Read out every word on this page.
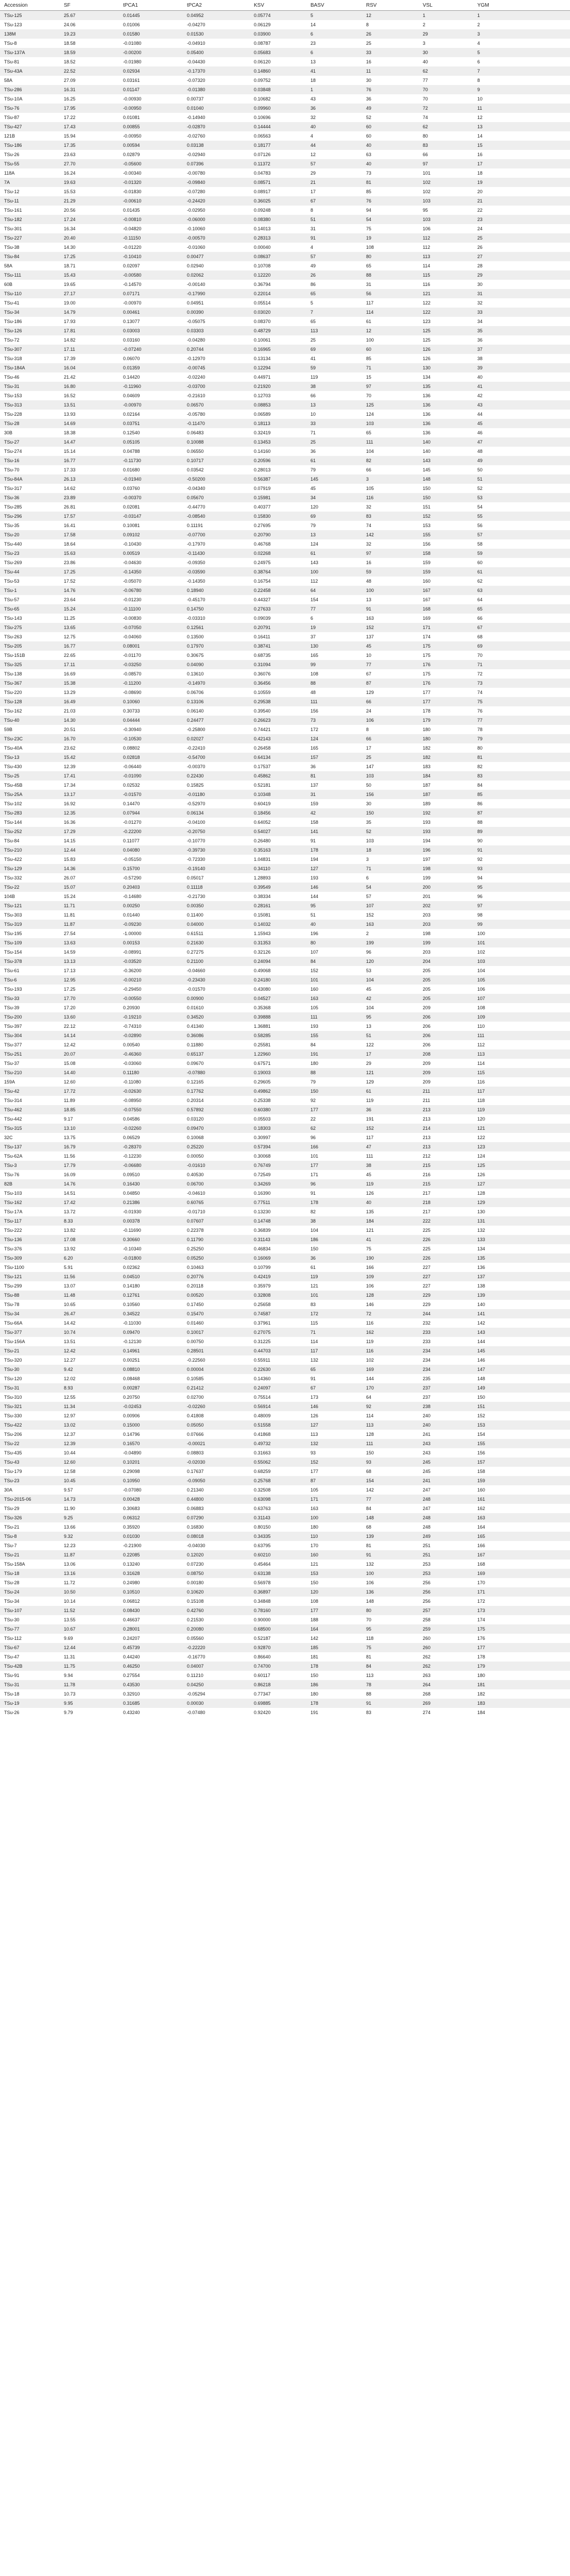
Accession	SF	tPCA1	tPCA2	KSV	BASV	RSV	VSL	YGM
TSu-125	25.67	0.01445	0.04952	0.05774	5	12	1	1
TSu-123	24.06	0.01006	-0.04270	0.06129	14	8	2	2
138M	19.23	0.01580	0.01530	0.03900	6	26	29	3
TSu-8	18.58	-0.01080	-0.04910	0.08787	23	25	3	4
TSu-137A	18.59	-0.00200	0.05400	0.05683	6	33	30	5
TSu-81	18.52	-0.01980	-0.04430	0.06120	13	16	40	6
TSu-43A	22.52	0.02934	-0.17370	0.14860	41	11	62	7
58A	27.09	0.03161	-0.07320	0.09752	18	30	77	8
TSu-286	16.31	0.01147	-0.01380	0.03848	1	76	70	9
TSu-10A	16.25	-0.00930	0.00737	0.10682	43	36	70	10
TSu-76	17.95	-0.00950	0.01040	0.09960	36	49	72	11
TSu-87	17.22	0.01081	-0.14940	0.10696	32	52	74	12
TSu-427	17.43	0.00855	-0.02870	0.14444	40	60	62	13
121B	15.94	-0.00950	-0.02760	0.06563	4	60	80	14
TSu-186	17.35	0.00594	0.03138	0.18177	44	40	83	15
TSu-26	23.63	0.02879	-0.02940	0.07126	12	63	66	16
TSu-55	27.70	-0.05600	0.07396	0.11372	57	40	97	17
118A	16.24	-0.00340	-0.00780	0.04783	29	73	101	18
7A	19.63	-0.01320	-0.09840	0.08571	21	81	102	19
TSu-12	15.53	-0.01830	-0.07280	0.08917	17	85	102	20
TSu-11	21.29	-0.00610	-0.24420	0.36025	67	76	103	21
TSu-161	20.56	0.01435	-0.02950	0.09248	8	94	95	22
TSu-182	17.24	-0.00810	-0.06000	0.08380	51	54	103	23
TSu-301	16.34	-0.04820	-0.10060	0.14013	31	75	106	24
TSu-227	20.40	-0.11150	-0.00570	0.28313	91	19	112	25
TSu-38	14.30	-0.01220	-0.01060	0.00040	4	108	112	26
TSu-84	17.25	-0.10410	0.00477	0.08637	57	80	113	27
58A	18.71	0.02097	0.02940	0.10708	49	65	114	28
TSu-111	15.43	-0.00580	0.02062	0.12220	26	88	115	29
60B	19.65	-0.14570	-0.00140	0.36794	86	31	116	30
TSu-110	27.17	0.07171	-0.17990	0.22014	65	56	121	31
TSu-41	19.00	-0.00970	0.04951	0.05514	5	117	122	32
TSu-34	14.79	0.00461	0.00390	0.03020	7	114	122	33
TSu-186	17.93	0.13077	-0.05075	0.08370	65	61	123	34
TSu-126	17.81	0.03003	0.03303	0.48729	113	12	125	35
TSu-72	14.82	0.03160	-0.04280	0.10061	25	100	125	36
TSu-307	17.11	-0.07240	0.20744	0.16965	69	60	126	37
TSu-318	17.39	0.06070	-0.12970	0.13134	41	85	126	38
TSu-184A	16.04	0.01359	-0.00745	0.12294	59	71	130	39
TSu-46	21.42	0.14420	-0.02240	0.44971	119	15	134	40
TSu-31	16.80	-0.11960	-0.03700	0.21920	38	97	135	41
TSu-153	16.52	0.04609	-0.21610	0.12703	66	70	136	42
TSu-313	13.51	-0.00970	0.06570	0.08853	13	125	136	43
TSu-228	13.93	0.02164	-0.05780	0.06589	10	124	136	44
TSu-28	14.69	0.03751	-0.11470	0.18113	33	103	136	45
30B	18.38	0.12540	0.06483	0.32419	71	65	136	46
TSu-27	14.47	0.05105	0.10088	0.13453	25	111	140	47
TSu-274	15.14	0.04788	0.06550	0.14160	36	104	140	48
TSu-16	16.77	-0.11730	0.10717	0.20596	61	82	143	49
TSu-70	17.33	0.01680	0.03542	0.28013	79	66	145	50
TSu-84A	26.13	-0.01940	-0.50200	0.56387	145	3	148	51
TSu-317	14.62	0.03760	-0.04340	0.07919	45	105	150	52
TSu-36	23.89	-0.00370	0.05670	0.15981	34	116	150	53
TSu-285	26.81	0.02081	-0.44770	0.40377	120	32	151	54
TSu-296	17.57	-0.03147	-0.08540	0.15830	69	83	152	55
TSu-35	16.41	0.10081	0.11191	0.27695	79	74	153	56
TSu-20	17.58	0.09102	-0.07700	0.20790	13	142	155	57
TSu-440	18.64	-0.10430	-0.17970	0.46768	124	32	156	58
TSu-23	15.63	0.00519	-0.11430	0.02268	61	97	158	59
TSu-269	23.86	-0.04630	-0.09350	0.24975	143	16	159	60
TSu-44	17.25	-0.14350	-0.03590	0.38764	100	59	159	61
TSu-53	17.52	-0.05070	-0.14350	0.16754	112	48	160	62
TSu-1	14.76	-0.06780	0.18940	0.22458	64	100	167	63
TSu-57	23.64	-0.01230	-0.45170	0.44327	154	13	167	64
TSu-65	15.24	-0.11100	0.14750	0.27633	77	91	168	65
TSu-143	11.25	-0.00830	-0.03310	0.09039	6	163	169	66
TSu-275	13.65	-0.07050	0.12561	0.20791	19	152	171	67
TSu-263	12.75	-0.04060	0.13500	0.16411	37	137	174	68
TSu-205	16.77	0.08001	0.17970	0.38741	130	45	175	69
TSu-151B	22.65	-0.01170	0.30675	0.68735	165	10	175	70
TSu-325	17.11	-0.03250	0.04090	0.31094	99	77	176	71
TSu-138	16.69	-0.08570	0.13610	0.36076	108	67	175	72
TSu-367	15.38	-0.11200	-0.14970	0.36456	88	87	176	73
TSu-220	13.29	-0.08690	0.06706	0.10559	48	129	177	74
TSu-128	16.49	0.10060	0.13106	0.29538	111	66	177	75
TSu-162	21.03	0.30733	0.06140	0.39540	156	24	178	76
TSu-40	14.30	0.04444	0.24477	0.26623	73	106	179	77
59B	20.51	-0.30940	-0.25800	0.74421	172	8	180	78
TSu-23C	16.70	-0.10530	0.02027	0.42143	124	66	180	79
TSu-40A	23.62	0.08802	-0.22410	0.26458	165	17	182	80
TSu-13	15.42	0.02818	-0.54700	0.64134	157	25	182	81
TSu-430	12.39	-0.06440	-0.00370	0.17537	36	147	183	82
TSu-25	17.41	-0.01090	0.22430	0.45862	81	103	184	83
TSu-45B	17.34	0.02532	0.15825	0.52181	137	50	187	84
TSu-25A	13.17	-0.01570	-0.01180	0.10348	31	156	187	85
TSu-102	16.92	0.14470	-0.52970	0.60419	159	30	189	86
TSu-283	12.35	0.07944	0.06134	0.18456	42	150	192	87
TSu-144	16.36	-0.01270	-0.04100	0.64052	158	35	193	88
TSu-252	17.29	-0.22200	-0.20750	0.54027	141	52	193	89
TSu-84	14.15	0.11077	-0.10770	0.26480	91	103	194	90
TSu-210	12.44	0.04080	-0.39730	0.35163	178	18	196	91
TSu-422	15.83	-0.05150	-0.72330	1.04831	194	3	197	92
TSu-129	14.36	0.15700	-0.19140	0.34110	127	71	198	93
TSu-332	26.07	-0.57290	0.05017	1.28893	193	6	199	94
TSu-22	15.07	0.20403	0.11118	0.39549	146	54	200	95
104B	15.24	-0.14680	-0.21730	0.38334	144	57	201	96
TSu-121	11.71	0.00250	0.00350	0.28161	95	107	202	97
TSu-303	11.81	0.01440	0.11400	0.15081	51	152	203	98
TSu-319	11.87	-0.09230	0.04000	0.14032	40	163	203	99
TSu-195	27.54	-1.00000	0.61511	1.15943	196	2	198	100
TSu-109	13.63	0.00153	0.21630	0.31353	80	199	199	101
TSu-154	14.59	-0.08991	0.27275	0.32126	107	96	203	102
TSu-378	13.13	-0.03520	0.21100	0.24094	84	120	204	103
TSu-61	17.13	-0.36200	-0.04660	0.49068	152	53	205	104
TSu-6	12.95	-0.00210	-0.23430	0.24180	101	104	205	105
TSu-193	17.25	-0.29450	-0.01570	0.43080	160	45	205	106
TSu-33	17.70	-0.00550	0.00900	0.04527	163	42	205	107
TSu-39	17.20	0.20930	0.01610	0.35368	105	104	209	108
TSu-200	13.60	-0.19210	0.34520	0.39888	111	95	206	109
TSu-397	22.12	-0.74310	0.41340	1.36881	193	13	206	110
TSu-304	14.14	-0.02890	0.36086	0.58285	155	51	206	111
TSu-377	12.42	0.00540	0.11880	0.25581	84	122	206	112
TSu-251	20.07	-0.46360	0.65137	1.22960	191	17	208	113
TSu-37	15.08	-0.03060	0.09670	0.67571	180	29	209	114
TSu-210	14.40	0.11180	-0.07880	0.19003	88	121	209	115
159A	12.60	-0.11080	0.12165	0.29605	79	129	209	116
TSu-42	17.72	-0.02630	0.17762	0.49862	150	61	211	117
TSu-314	11.89	-0.08950	0.20314	0.25338	92	119	211	118
TSu-462	18.85	-0.07550	0.57892	0.60380	177	36	213	119
TSu-442	9.17	0.04586	0.03120	0.05503	22	191	213	120
TSu-315	13.10	-0.02260	0.09470	0.18303	62	152	214	121
32C	13.75	0.06529	0.10068	0.30997	96	117	213	122
TSu-137	16.79	-0.28370	0.25220	0.57394	166	47	213	123
TSu-62A	11.56	-0.12230	0.00050	0.30068	101	111	212	124
TSu-3	17.79	-0.06680	-0.01610	0.76749	177	38	215	125
TSu-76	16.09	0.09510	0.40530	0.72549	171	45	216	126
82B	14.76	0.16430	0.06700	0.34269	96	119	215	127
TSu-103	14.51	0.04850	-0.04610	0.16390	91	126	217	128
TSu-162	17.42	0.21386	0.60765	0.77511	178	40	218	129
TSu-17A	13.72	-0.01930	-0.01710	0.13230	82	135	217	130
TSu-117	8.33	0.00378	0.07607	0.14748	38	184	222	131
TSu-222	13.82	-0.11690	0.22378	0.36839	104	121	225	132
TSu-136	17.08	0.30660	0.11790	0.31143	186	41	226	133
TSu-376	13.92	-0.10340	0.25250	0.46834	150	75	225	134
TSu-309	6.20	-0.01800	0.05250	0.16069	36	190	226	135
TSu-1100	5.91	0.02362	0.10463	0.10799	61	166	227	136
TSu-121	11.56	0.04510	0.20776	0.42419	119	109	227	137
TSu-299	13.07	0.14180	0.20118	0.35979	121	106	227	138
TSu-88	11.48	0.12761	0.00520	0.32808	101	128	229	139
TSu-78	10.65	0.10560	0.17450	0.25658	83	146	229	140
TSu-34	26.47	0.34522	0.15470	0.74587	172	72	244	141
TSu-66A	14.42	-0.11030	0.01460	0.37961	115	116	232	142
TSu-377	10.74	0.09470	0.10017	0.27075	71	162	233	143
TSu-156A	13.51	-0.12130	0.00750	0.31225	114	119	233	144
TSu-21	12.42	0.14961	0.28501	0.44703	117	116	234	145
TSu-320	12.27	0.00251	-0.22560	0.55911	132	102	234	146
TSu-30	9.42	0.08810	0.00004	0.22630	65	169	234	147
TSu-120	12.02	0.08468	0.10585	0.14360	91	144	235	148
TSu-31	8.93	0.00287	0.21412	0.24097	67	170	237	149
TSu-310	12.55	0.20750	0.02700	0.75514	173	64	237	150
TSu-321	11.34	-0.02453	-0.02260	0.56914	146	92	238	151
TSu-330	12.97	0.00906	0.41808	0.48009	126	114	240	152
TSu-422	13.02	0.15000	0.05050	0.51558	127	113	240	153
TSu-206	12.37	0.14796	0.07666	0.41868	113	128	241	154
TSu-22	12.39	0.16570	-0.00021	0.49732	132	111	243	155
TSu-435	10.44	-0.04890	0.08803	0.31663	93	150	243	156
TSu-43	12.60	0.10201	-0.02030	0.55062	152	93	245	157
TSu-179	12.58	0.29098	0.17637	0.68259	177	68	245	158
TSu-23	10.45	0.10950	-0.09050	0.25768	87	154	241	159
30A	9.57	-0.07080	0.21340	0.32508	105	142	247	160
TSu-2015-06	14.73	0.00428	0.44800	0.63098	171	77	248	161
TSu-29	11.90	0.30683	0.06883	0.63763	163	84	247	162
TSu-326	9.25	0.06312	0.07290	0.31143	100	148	248	163
TSu-21	13.66	0.35920	0.16830	0.80150	180	68	248	164
TSu-8	9.32	0.01030	0.08018	0.34335	110	139	249	165
TSu-7	12.23	-0.21900	-0.04030	0.63795	170	81	251	166
TSu-21	11.87	0.22085	0.12020	0.60210	160	91	251	167
TSu-158A	13.06	0.13240	0.07230	0.45464	121	132	253	168
TSu-18	13.16	0.31628	0.08750	0.63138	153	100	253	169
TSu-28	11.72	0.24980	0.00180	0.56978	150	106	256	170
TSu-24	10.50	0.10510	0.10620	0.36897	120	136	256	171
TSu-34	10.14	0.06812	0.15108	0.34848	108	148	256	172
TSu-107	11.52	0.08430	0.42760	0.78160	177	80	257	173
TSu-30	13.55	0.46637	0.21530	0.90000	188	70	258	174
TSu-77	10.67	0.28001	0.20080	0.68500	164	95	259	175
TSu-112	9.69	0.24207	0.05560	0.52187	142	118	260	176
TSu-67	12.44	0.45739	-0.22220	0.92870	185	75	260	177
TSu-47	11.31	0.44240	-0.16770	0.86640	181	81	262	178
TSu-42B	11.75	0.46250	0.04007	0.74700	178	84	262	179
TSu-91	9.94	0.27554	0.11210	0.60117	150	113	263	180
TSu-31	11.78	0.43530	0.04250	0.86218	186	78	264	181
TSu-18	10.73	0.32910	-0.05294	0.77347	180	88	268	182
TSu-19	9.95	0.31685	0.00030	0.69885	178	91	269	183
TSu-26	9.79	0.43240	-0.07480	0.92420	191	83	274	184
